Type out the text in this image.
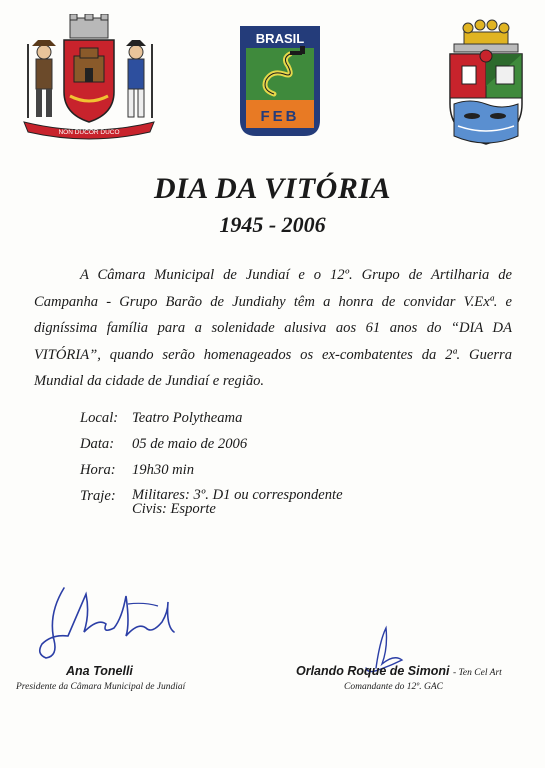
NON DUCOR DUCO
BRASIL
FEB
DIA DA VITÓRIA
1945 - 2006

A Câmara Municipal de Jundiaí e o 12º. Grupo de Artilharia de Campanha - Grupo Barão de Jundiahy têm a honra de convidar V.Exª. e digníssima família para a solenidade alusiva aos 61 anos do “DIA DA VITÓRIA”, quando serão homenageados os ex-combatentes da 2ª. Guerra Mundial da cidade de Jundiaí e região.

Local: Teatro Polytheama
Data:	05 de maio de 2006
Hora:	19h30 min
Traje:	Militares: 3º. D1 ou correspondente
Civis: Esporte
Ana Tonelli
Presidente da Câmara Municipal de Jundiaí
Orlando Roque de Simoni - Ten Cel Art
Comandante do 12º. GAC
